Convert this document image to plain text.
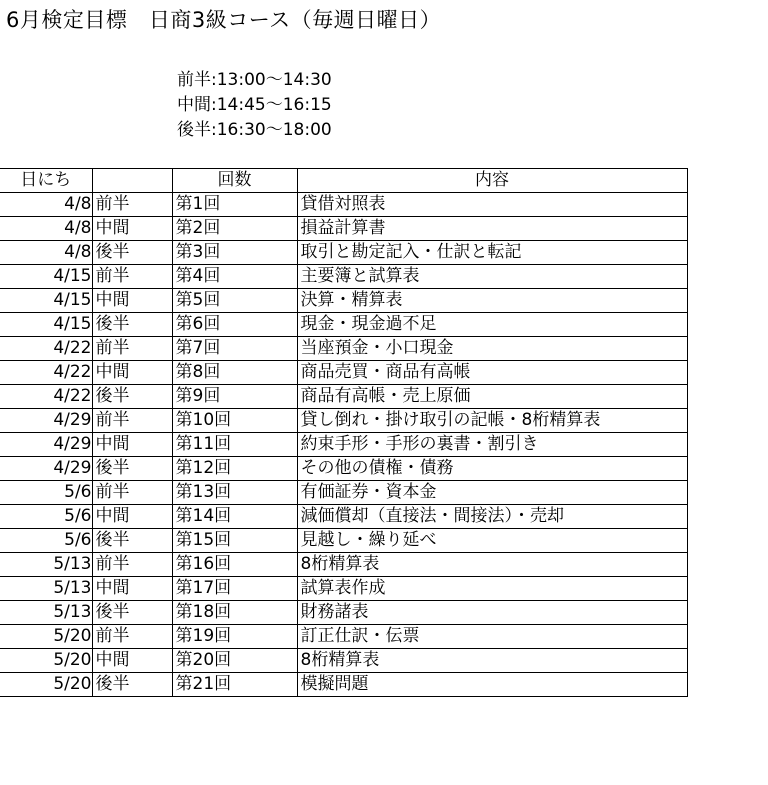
6月検定目標　日商3級コース（毎週日曜日）
前半:13:00～14:30
中間:14:45～16:15
後半:16:30～18:00
日にち		回数	内容
4/8	前半	第1回	貸借対照表
4/8	中間	第2回	損益計算書
4/8	後半	第3回	取引と勘定記入・仕訳と転記
4/15	前半	第4回	主要簿と試算表
4/15	中間	第5回	決算・精算表
4/15	後半	第6回	現金・現金過不足
4/22	前半	第7回	当座預金・小口現金
4/22	中間	第8回	商品売買・商品有高帳
4/22	後半	第9回	商品有高帳・売上原価
4/29	前半	第10回	貸し倒れ・掛け取引の記帳・8桁精算表
4/29	中間	第11回	約束手形・手形の裏書・割引き
4/29	後半	第12回	その他の債権・債務
5/6	前半	第13回	有価証券・資本金
5/6	中間	第14回	減価償却（直接法・間接法）・売却
5/6	後半	第15回	見越し・繰り延べ
5/13	前半	第16回	8桁精算表
5/13	中間	第17回	試算表作成
5/13	後半	第18回	財務諸表
5/20	前半	第19回	訂正仕訳・伝票
5/20	中間	第20回	8桁精算表
5/20	後半	第21回	模擬問題
